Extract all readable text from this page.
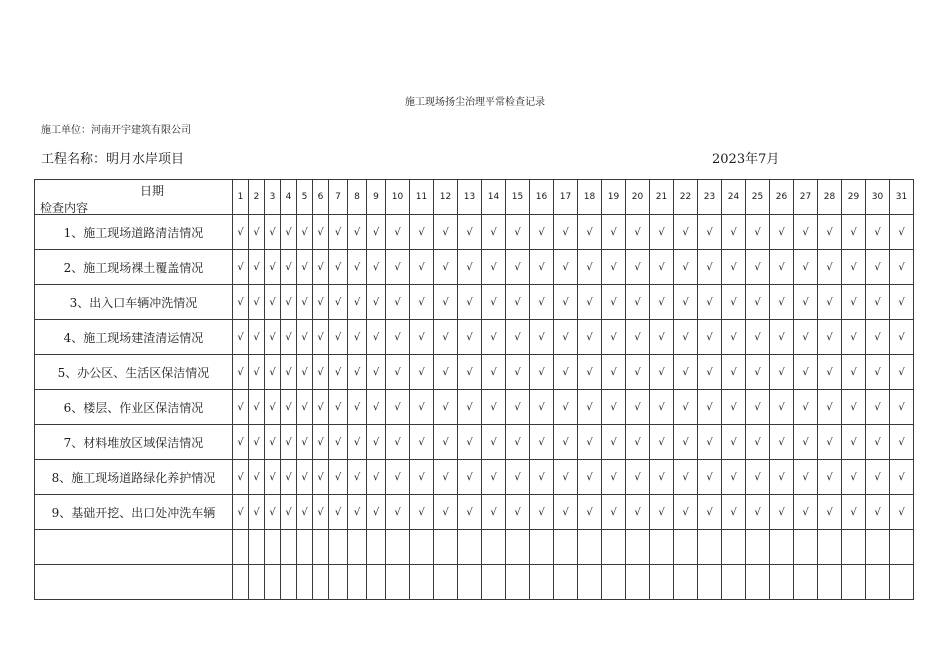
施工现场扬尘治理平常检查记录
施工单位：河南开宇建筑有限公司
工程名称：明月水岸项目	2023年7月
日期
检查内容	1	2	3	4	5	6	7	8	9	10	11	12	13	14	15	16	17	18	19	20	21	22	23	24	25	26	27	28	29	30	31
1、施工现场道路清洁情况	√	√	√	√	√	√	√	√	√	√	√	√	√	√	√	√	√	√	√	√	√	√	√	√	√	√	√	√	√	√	√
2、施工现场裸土覆盖情况	√	√	√	√	√	√	√	√	√	√	√	√	√	√	√	√	√	√	√	√	√	√	√	√	√	√	√	√	√	√	√
3、出入口车辆冲洗情况	√	√	√	√	√	√	√	√	√	√	√	√	√	√	√	√	√	√	√	√	√	√	√	√	√	√	√	√	√	√	√
4、施工现场建渣清运情况	√	√	√	√	√	√	√	√	√	√	√	√	√	√	√	√	√	√	√	√	√	√	√	√	√	√	√	√	√	√	√
5、办公区、生活区保洁情况	√	√	√	√	√	√	√	√	√	√	√	√	√	√	√	√	√	√	√	√	√	√	√	√	√	√	√	√	√	√	√
6、楼层、作业区保洁情况	√	√	√	√	√	√	√	√	√	√	√	√	√	√	√	√	√	√	√	√	√	√	√	√	√	√	√	√	√	√	√
7、材料堆放区域保洁情况	√	√	√	√	√	√	√	√	√	√	√	√	√	√	√	√	√	√	√	√	√	√	√	√	√	√	√	√	√	√	√
8、施工现场道路绿化养护情况	√	√	√	√	√	√	√	√	√	√	√	√	√	√	√	√	√	√	√	√	√	√	√	√	√	√	√	√	√	√	√
9、基础开挖、出口处冲洗车辆	√	√	√	√	√	√	√	√	√	√	√	√	√	√	√	√	√	√	√	√	√	√	√	√	√	√	√	√	√	√	√
